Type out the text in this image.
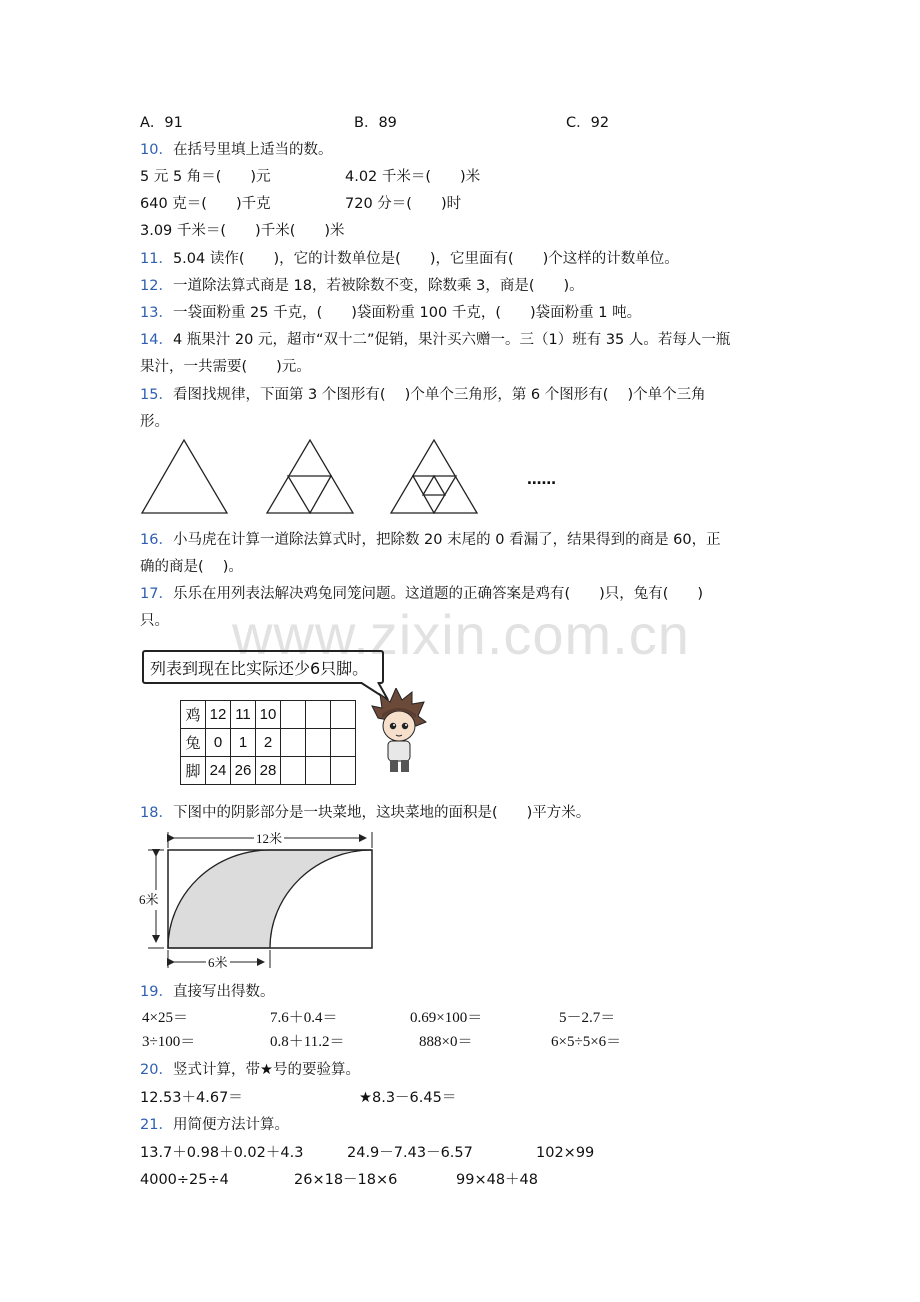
A．91	B．89	C．92
10．在括号里填上适当的数。
5 元 5 角＝(　　)元	4.02 千米＝(　　)米
640 克＝(　　)千克	720 分＝(　　)时
3.09 千米＝(　　)千米(　　)米
11．5.04 读作(　　)，它的计数单位是(　　)，它里面有(　　)个这样的计数单位。
12．一道除法算式商是 18，若被除数不变，除数乘 3，商是(　　)。
13．一袋面粉重 25 千克，(　　)袋面粉重 100 千克，(　　)袋面粉重 1 吨。
14．4 瓶果汁 20 元，超市“双十二”促销，果汁买六赠一。三（1）班有 35 人。若每人一瓶
果汁，一共需要(　　)元。
15．看图找规律，下面第 3 个图形有(　 )个单个三角形，第 6 个图形有(　 )个单个三角
形。
……
16．小马虎在计算一道除法算式时，把除数 20 末尾的 0 看漏了，结果得到的商是 60，正
确的商是(　 )。
17．乐乐在用列表法解决鸡兔同笼问题。这道题的正确答案是鸡有(　　)只，兔有(　　)
只。 www.zixin.com.cn
列表到现在比实际还少6只脚。
鸡	12	11	10			
兔	0	1	2			
脚	24	26	28			
18．下图中的阴影部分是一块菜地，这块菜地的面积是(　　)平方米。
12米
6米
6米
19．直接写出得数。
4×25＝	7.6＋0.4＝	0.69×100＝	5－2.7＝
3÷100＝	0.8＋11.2＝	888×0＝	6×5÷5×6＝
20．竖式计算，带★号的要验算。
12.53＋4.67＝	★8.3－6.45＝
21．用简便方法计算。
13.7＋0.98＋0.02＋4.3	24.9－7.43－6.57	102×99
4000÷25÷4	26×18－18×6	99×48＋48
